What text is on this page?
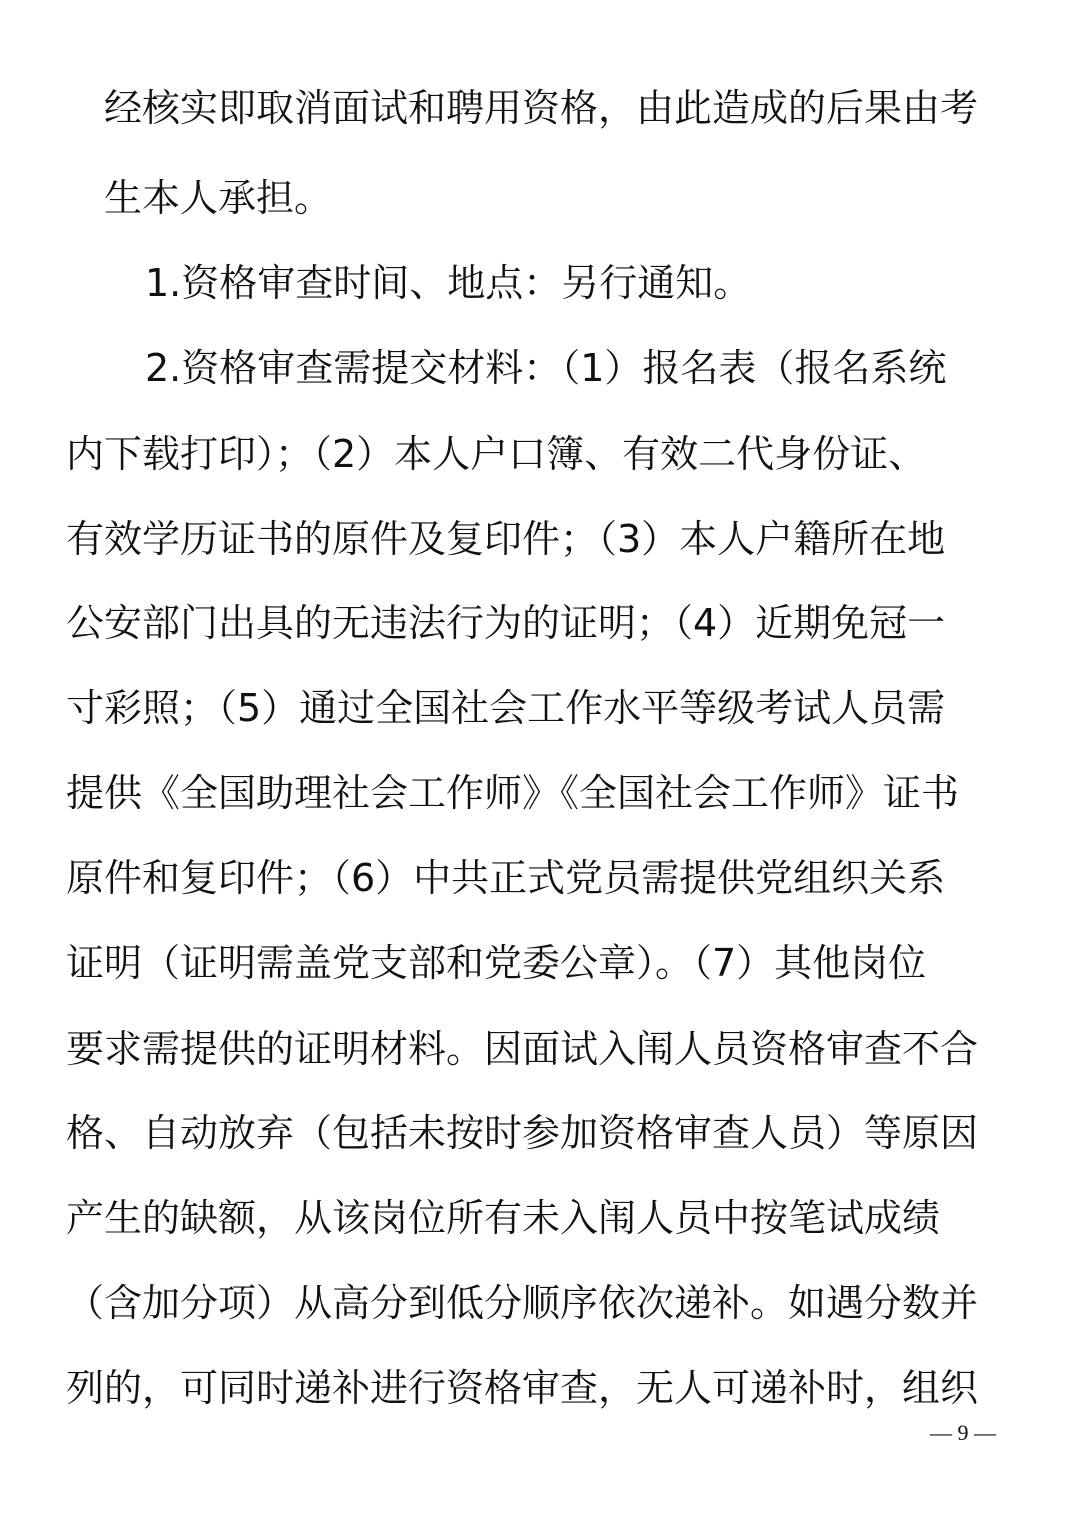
经核实即取消面试和聘用资格，由此造成的后果由考
生本人承担。
1.资格审查时间、地点：另行通知。
2.资格审查需提交材料：（1）报名表（报名系统
内下载打印）；（2）本人户口簿、有效二代身份证、
有效学历证书的原件及复印件；（3）本人户籍所在地
公安部门出具的无违法行为的证明；（4）近期免冠一
寸彩照；（5）通过全国社会工作水平等级考试人员需
提供《全国助理社会工作师》《全国社会工作师》证书
原件和复印件；（6）中共正式党员需提供党组织关系
证明（证明需盖党支部和党委公章）。（7）其他岗位
要求需提供的证明材料。因面试入闱人员资格审查不合
格、自动放弃（包括未按时参加资格审查人员）等原因
产生的缺额，从该岗位所有未入闱人员中按笔试成绩
（含加分项）从高分到低分顺序依次递补。如遇分数并
列的，可同时递补进行资格审查，无人可递补时，组织
— 9 —
